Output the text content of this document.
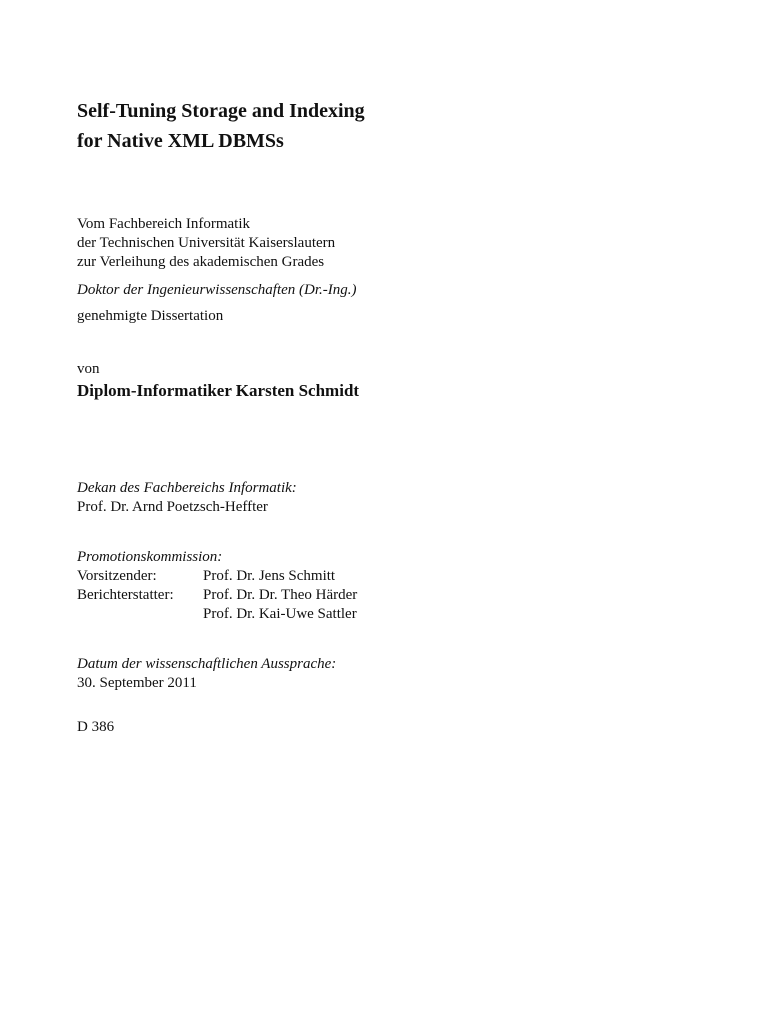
Self-Tuning Storage and Indexing
for Native XML DBMSs
Vom Fachbereich Informatik
der Technischen Universität Kaiserslautern
zur Verleihung des akademischen Grades
Doktor der Ingenieurwissenschaften (Dr.-Ing.)
genehmigte Dissertation
von
Diplom-Informatiker Karsten Schmidt
Dekan des Fachbereichs Informatik:
Prof. Dr. Arnd Poetzsch-Heffter
Promotionskommission:
Vorsitzender:	Prof. Dr. Jens Schmitt
Berichterstatter: Prof. Dr. Dr. Theo Härder
Prof. Dr. Kai-Uwe Sattler
Datum der wissenschaftlichen Aussprache:
30. September 2011
D 386
